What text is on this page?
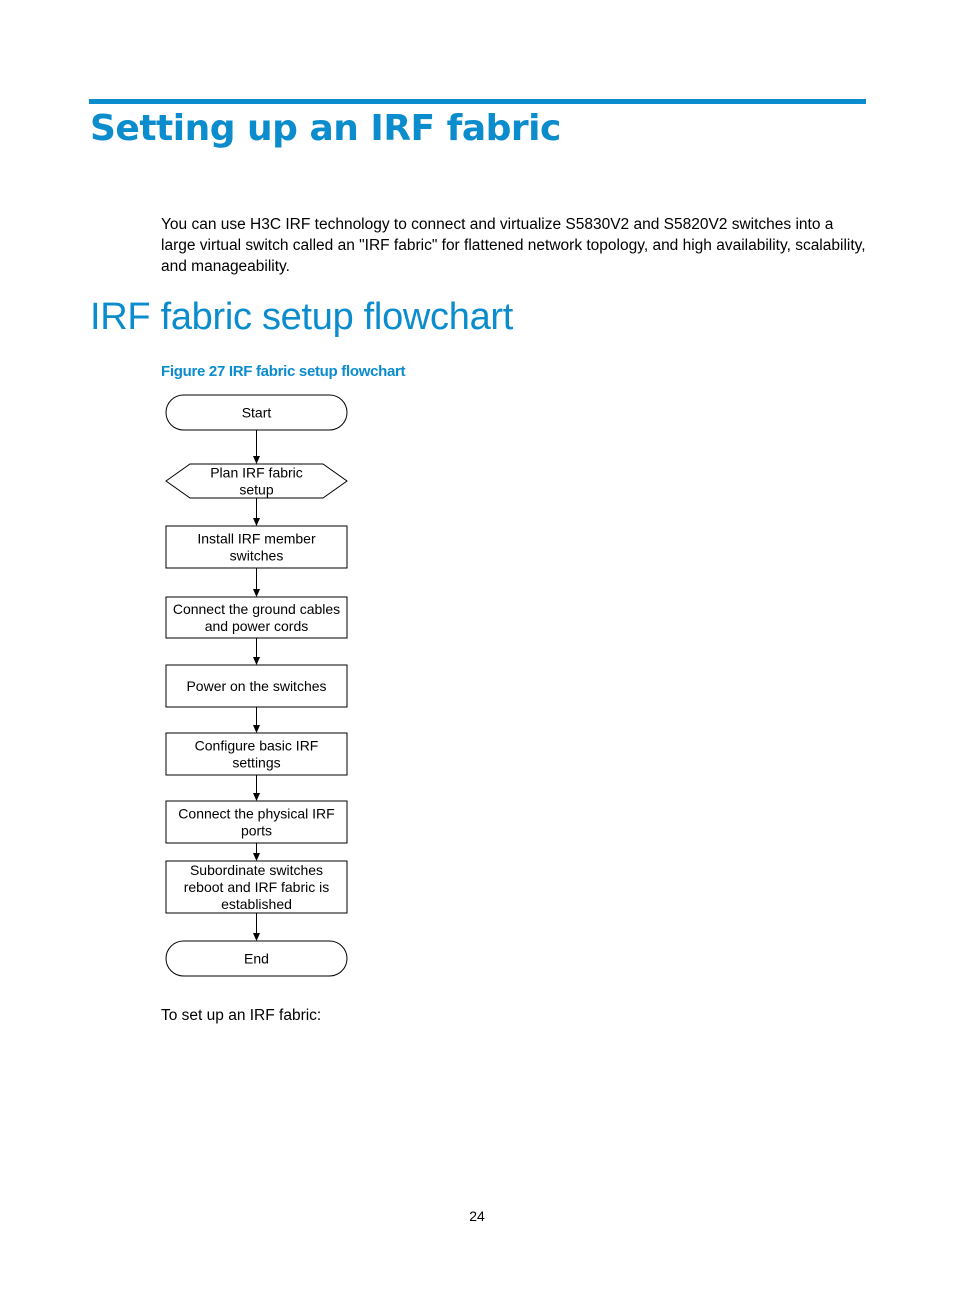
Setting up an IRF fabric

You can use H3C IRF technology to connect and virtualize S5830V2 and S5820V2 switches into a large virtual switch called an "IRF fabric" for flattened network topology, and high availability, scalability, and manageability.

IRF fabric setup flowchart

Figure 27 IRF fabric setup flowchart

Start
Plan IRF fabric
setup
Install IRF member
switches
Connect the ground cables
and power cords
Power on the switches
Configure basic IRF
settings
Connect the physical IRF
ports
Subordinate switches
reboot and IRF fabric is
established
End

To set up an IRF fabric:

24
